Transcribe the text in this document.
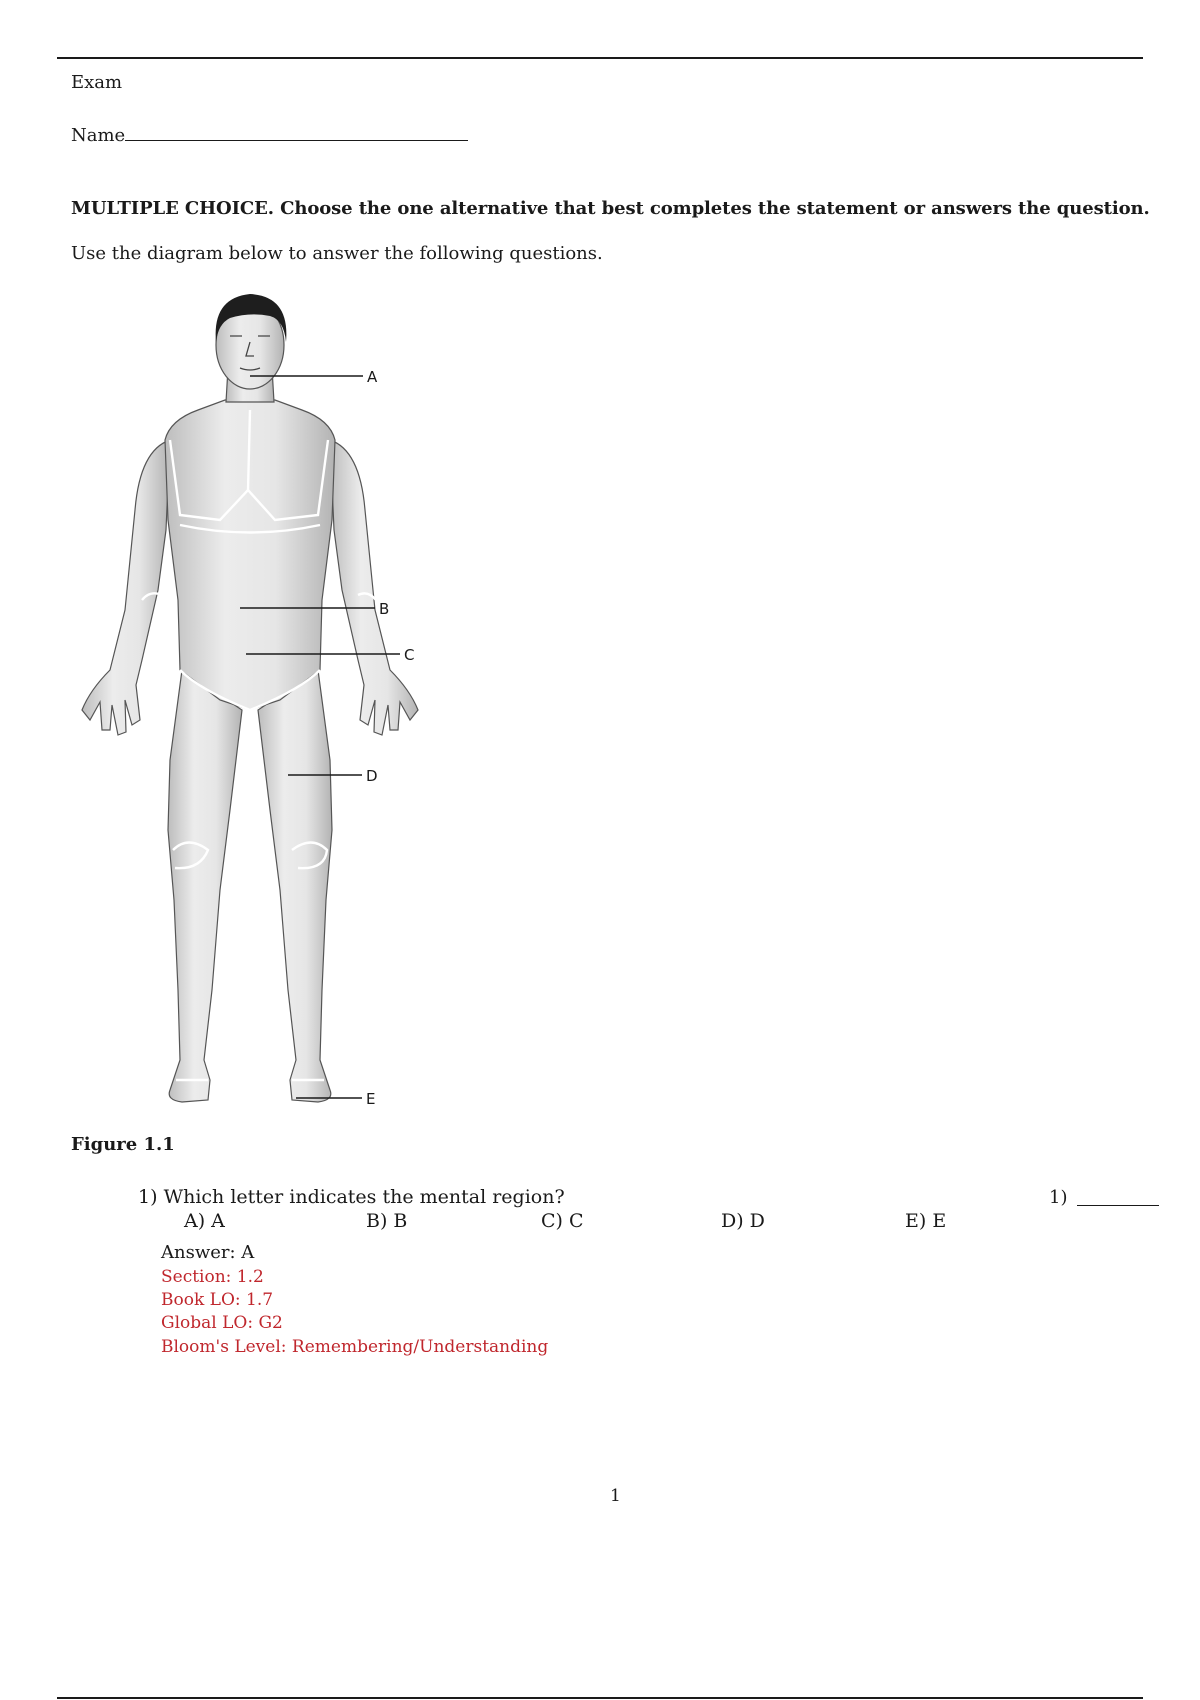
Exam
Name
MULTIPLE CHOICE. Choose the one alternative that best completes the statement or answers the question.
Use the diagram below to answer the following questions.
A
B
C
D
E
Figure 1.1
1) Which letter indicates the mental region?
A) A	B) B	C) C	D) D	E) E
1)
Answer: A
Section: 1.2
Book LO: 1.7
Global LO: G2
Bloom's Level: Remembering/Understanding
1
